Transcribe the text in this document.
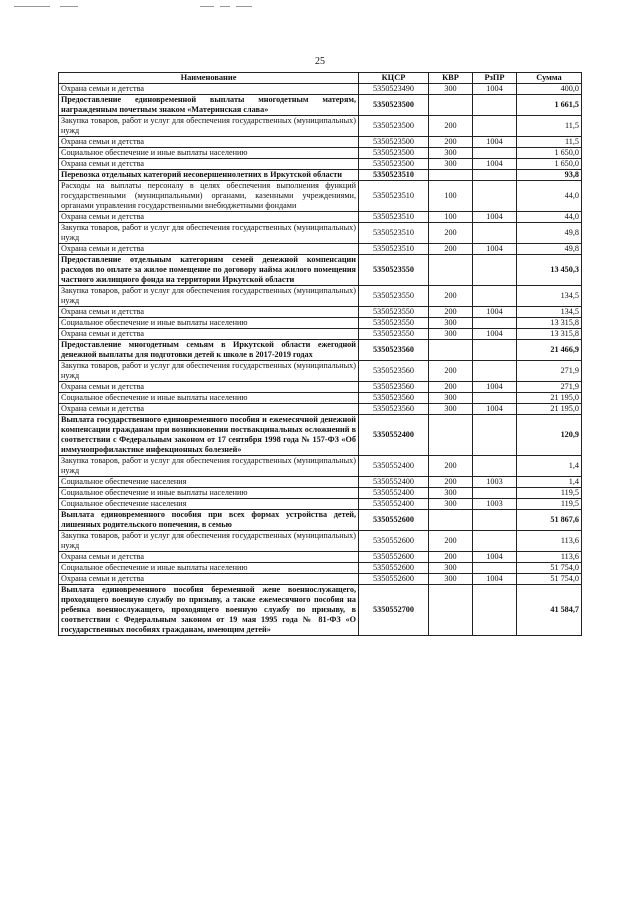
25
Наименование	КЦСР	КВР	РзПР	Сумма
Охрана семьи и детства	5350523490	300	1004	400,0
Предоставление единовременной выплаты многодетным матерям, награжденным почетным знаком «Материнская слава»	5350523500			1 661,5
Закупка товаров, работ и услуг для обеспечения государственных (муниципальных) нужд	5350523500	200		11,5
Охрана семьи и детства	5350523500	200	1004	11,5
Социальное обеспечение и иные выплаты населению	5350523500	300		1 650,0
Охрана семьи и детства	5350523500	300	1004	1 650,0
Перевозка отдельных категорий несовершеннолетних в Иркутской области	5350523510			93,8
Расходы на выплаты персоналу в целях обеспечения выполнения функций государственными (муниципальными) органами, казенными учреждениями, органами управления государственными внебюджетными фондами	5350523510	100		44,0
Охрана семьи и детства	5350523510	100	1004	44,0
Закупка товаров, работ и услуг для обеспечения государственных (муниципальных) нужд	5350523510	200		49,8
Охрана семьи и детства	5350523510	200	1004	49,8
Предоставление отдельным категориям семей денежной компенсации расходов по оплате за жилое помещение по договору найма жилого помещения частного жилищного фонда на территории Иркутской области	5350523550			13 450,3
Закупка товаров, работ и услуг для обеспечения государственных (муниципальных) нужд	5350523550	200		134,5
Охрана семьи и детства	5350523550	200	1004	134,5
Социальное обеспечение и иные выплаты населению	5350523550	300		13 315,8
Охрана семьи и детства	5350523550	300	1004	13 315,8
Предоставление многодетным семьям в Иркутской области ежегодной денежной выплаты для подготовки детей к школе в 2017-2019 годах	5350523560			21 466,9
Закупка товаров, работ и услуг для обеспечения государственных (муниципальных) нужд	5350523560	200		271,9
Охрана семьи и детства	5350523560	200	1004	271,9
Социальное обеспечение и иные выплаты населению	5350523560	300		21 195,0
Охрана семьи и детства	5350523560	300	1004	21 195,0
Выплата государственного единовременного пособия и ежемесячной денежной компенсации гражданам при возникновении поствакцинальных осложнений в соответствии с Федеральным законом от 17 сентября 1998 года № 157-ФЗ «Об иммунопрофилактике инфекционных болезней»	5350552400			120,9
Закупка товаров, работ и услуг для обеспечения государственных (муниципальных) нужд	5350552400	200		1,4
Социальное обеспечение населения	5350552400	200	1003	1,4
Социальное обеспечение и иные выплаты населению	5350552400	300		119,5
Социальное обеспечение населения	5350552400	300	1003	119,5
Выплата единовременного пособия при всех формах устройства детей, лишенных родительского попечения, в семью	5350552600			51 867,6
Закупка товаров, работ и услуг для обеспечения государственных (муниципальных) нужд	5350552600	200		113,6
Охрана семьи и детства	5350552600	200	1004	113,6
Социальное обеспечение и иные выплаты населению	5350552600	300		51 754,0
Охрана семьи и детства	5350552600	300	1004	51 754,0
Выплата единовременного пособия беременной жене военнослужащего, проходящего военную службу по призыву, а также ежемесячного пособия на ребенка военнослужащего, проходящего военную службу по призыву, в соответствии с Федеральным законом от 19 мая 1995 года № 81-ФЗ «О государственных пособиях гражданам, имеющим детей»	5350552700			41 584,7
